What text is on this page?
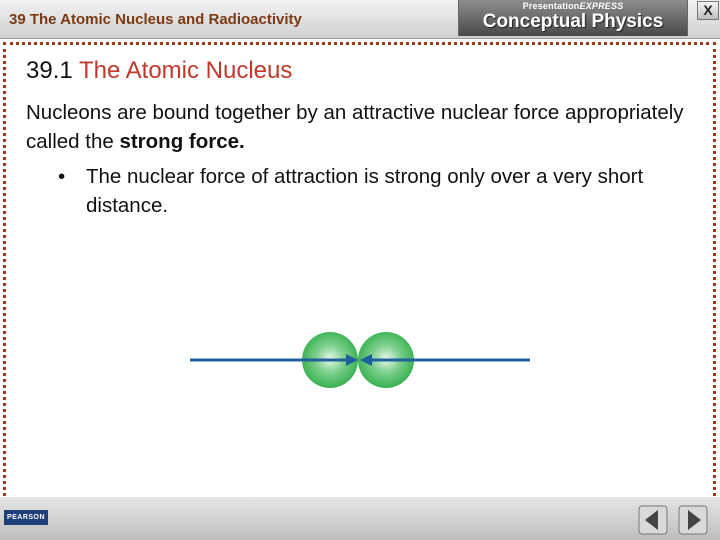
39 The Atomic Nucleus and Radioactivity
PresentationEXPRESS
Conceptual Physics
X
39.1 The Atomic Nucleus
Nucleons are bound together by an attractive nuclear force appropriately called the strong force.
•	The nuclear force of attraction is strong only over a very short distance.
PEARSON
